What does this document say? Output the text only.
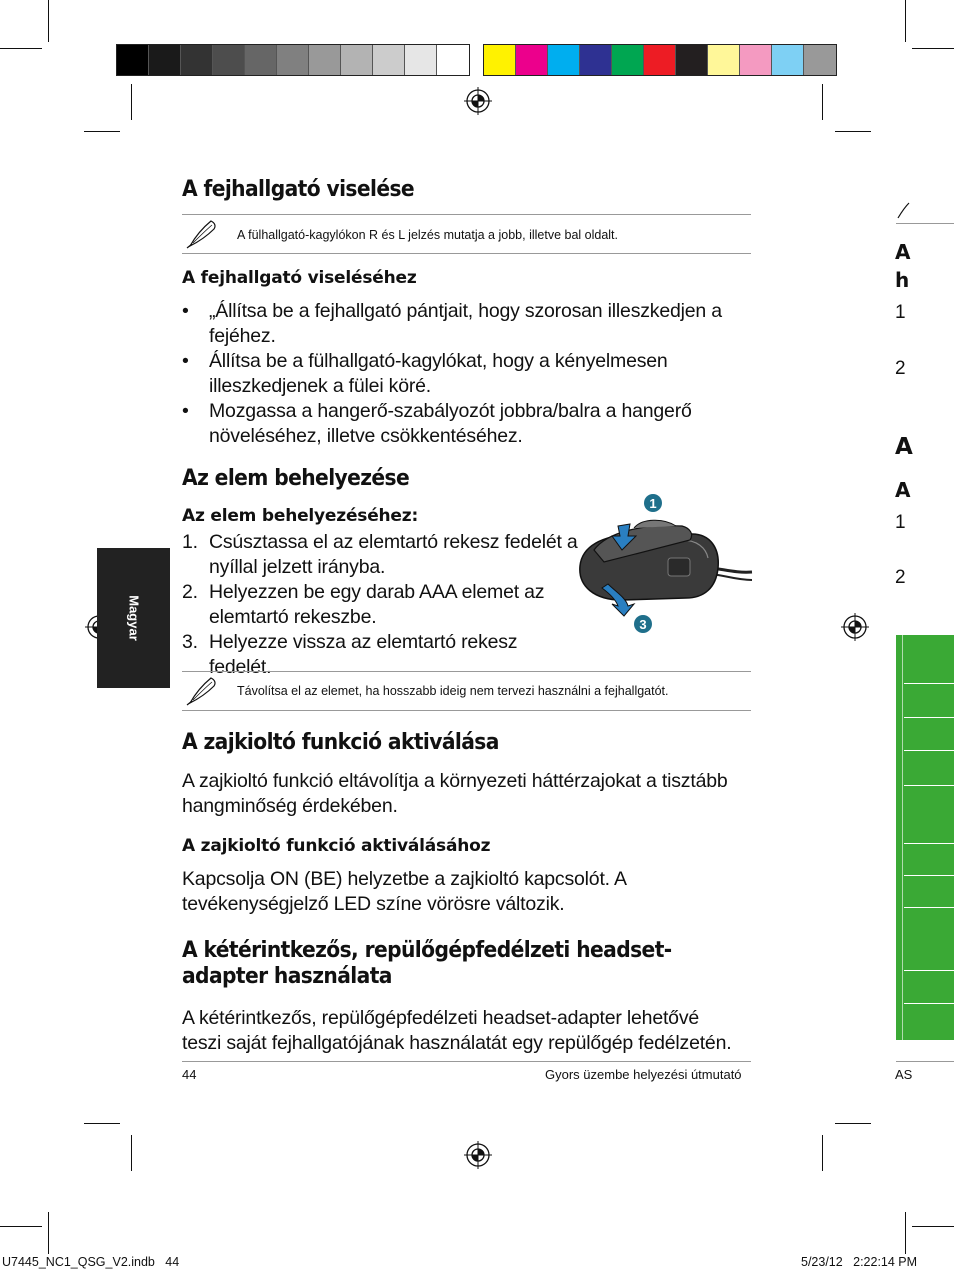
Magyar
A fejhallgató viselése
A fülhallgató-kagylókon R és L jelzés mutatja a jobb, illetve bal oldalt.
A fejhallgató viseléséhez
• „Állítsa be a fejhallgató pántjait, hogy szorosan illeszkedjen a
fejéhez.
• Állítsa be a fülhallgató-kagylókat, hogy a kényelmesen
illeszkedjenek a fülei köré.
• Mozgassa a hangerő-szabályozót jobbra/balra a hangerő
növeléséhez, illetve csökkentéséhez.
Az elem behelyezése
Az elem behelyezéséhez:
1. Csúsztassa el az elemtartó rekesz fedelét a
nyíllal jelzett irányba.
2. Helyezzen be egy darab AAA elemet az
elemtartó rekeszbe.
3. Helyezze vissza az elemtartó rekesz fedelét.
1
3
Távolítsa el az elemet, ha hosszabb ideig nem tervezi használni a fejhallgatót.
A zajkioltó funkció aktiválása
A zajkioltó funkció eltávolítja a környezeti háttérzajokat a tisztább
hangminőség érdekében.
A zajkioltó funkció aktiválásához
Kapcsolja ON (BE) helyzetbe a zajkioltó kapcsolót. A
tevékenységjelző LED színe vörösre változik.
A kétérintkezős, repülőgépfedélzeti headset-
adapter használata
A kétérintkezős, repülőgépfedélzeti headset-adapter lehetővé
teszi saját fejhallgatójának használatát egy repülőgép fedélzetén.
44	Gyors üzembe helyezési útmutató
U7445_NC1_QSG_V2.indb   44	5/23/12   2:22:14 PM
A
h
1
2
A
A
1
2
AS
